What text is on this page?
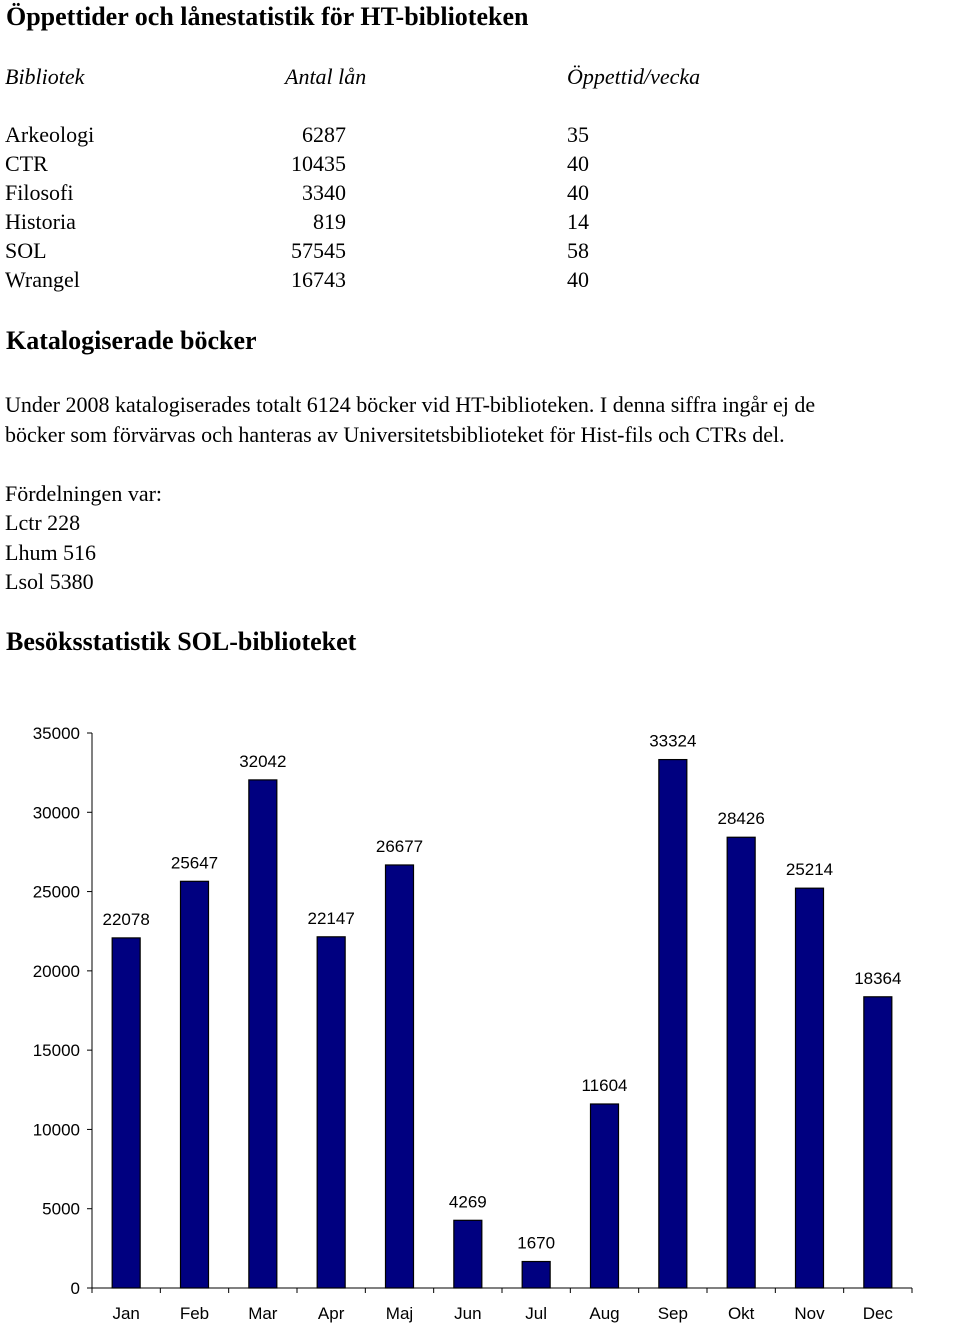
Öppettider och lånestatistik för HT-biblioteken
Bibliotek	Antal lån	Öppettid/vecka
Arkeologi	6287	35
CTR	10435	40
Filosofi	3340	40
Historia	819	14
SOL	57545	58
Wrangel	16743	40
Katalogiserade böcker
Under 2008 katalogiserades totalt 6124 böcker vid HT-biblioteken. I denna siffra ingår ej de
böcker som förvärvas och hanteras av Universitetsbiblioteket för Hist-fils och CTRs del.
Fördelningen var:
Lctr 228
Lhum 516
Lsol 5380
Besöksstatistik SOL-biblioteket
0
5000
10000
15000
20000
25000
30000
35000
22078
Jan
25647
Feb
32042
Mar
22147
Apr
26677
Maj
4269
Jun
1670
Jul
11604
Aug
33324
Sep
28426
Okt
25214
Nov
18364
Dec
